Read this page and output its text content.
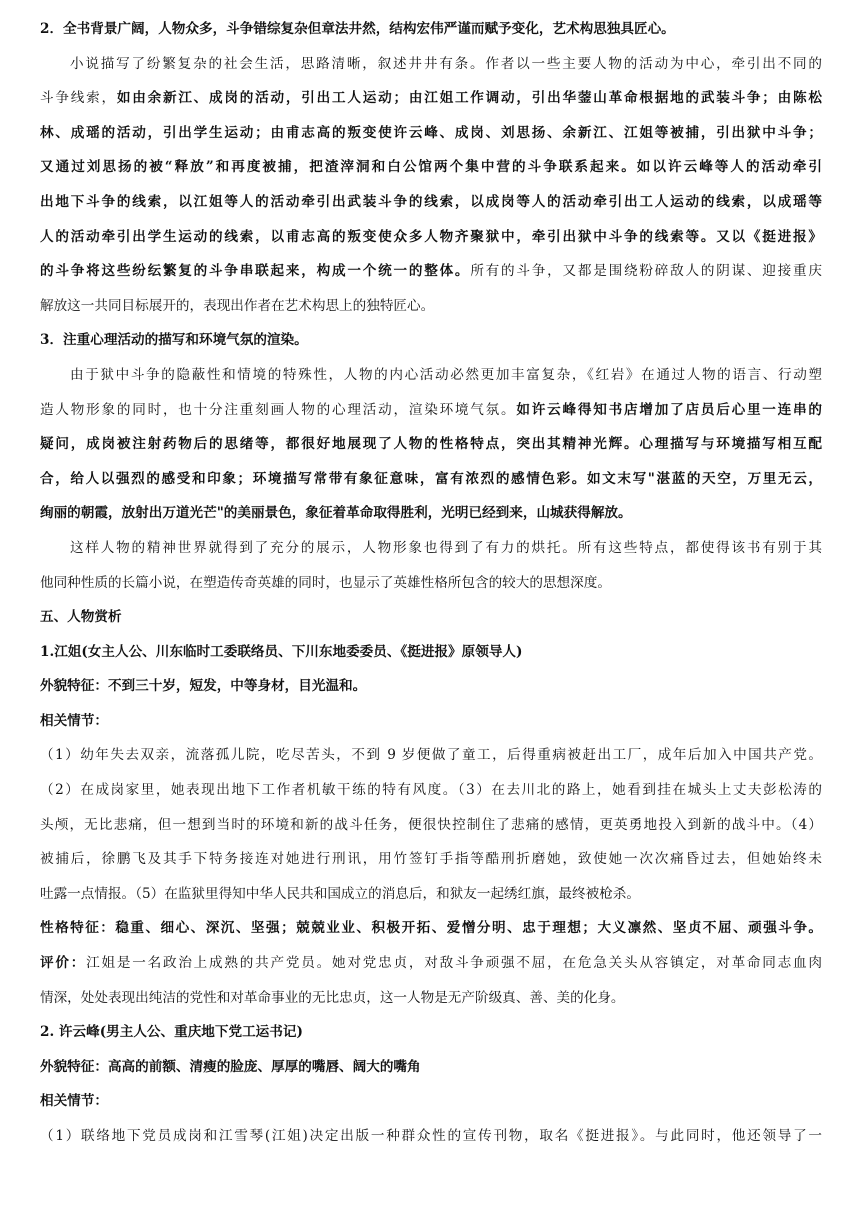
2．全书背景广阔，人物众多，斗争错综复杂但章法井然，结构宏伟严谨而赋予变化，艺术构思独具匠心。
小说描写了纷繁复杂的社会生活，思路清晰，叙述井井有条。作者以一些主要人物的活动为中心，牵引出不同的
斗争线索，如由余新江、成岗的活动，引出工人运动；由江姐工作调动，引出华蓥山革命根据地的武装斗争；由陈松
林、成瑶的活动，引出学生运动；由甫志高的叛变使许云峰、成岗、刘思扬、余新江、江姐等被捕，引出狱中斗争；
又通过刘思扬的被“释放”和再度被捕，把渣滓洞和白公馆两个集中营的斗争联系起来。如以许云峰等人的活动牵引
出地下斗争的线索，以江姐等人的活动牵引出武装斗争的线索，以成岗等人的活动牵引出工人运动的线索，以成瑶等
人的活动牵引出学生运动的线索，以甫志高的叛变使众多人物齐聚狱中，牵引出狱中斗争的线索等。又以《挺进报》
的斗争将这些纷纭繁复的斗争串联起来，构成一个统一的整体。所有的斗争，又都是围绕粉碎敌人的阴谋、迎接重庆
解放这一共同目标展开的，表现出作者在艺术构思上的独特匠心。
3．注重心理活动的描写和环境气氛的渲染。
由于狱中斗争的隐蔽性和情境的特殊性，人物的内心活动必然更加丰富复杂，《红岩》在通过人物的语言、行动塑
造人物形象的同时，也十分注重刻画人物的心理活动，渲染环境气氛。如许云峰得知书店增加了店员后心里一连串的
疑问，成岗被注射药物后的思绪等，都很好地展现了人物的性格特点，突出其精神光辉。心理描写与环境描写相互配
合，给人以强烈的感受和印象；环境描写常带有象征意味，富有浓烈的感情色彩。如文末写"湛蓝的天空，万里无云，
绚丽的朝霞，放射出万道光芒"的美丽景色，象征着革命取得胜利，光明已经到来，山城获得解放。
这样人物的精神世界就得到了充分的展示，人物形象也得到了有力的烘托。所有这些特点，都使得该书有别于其
他同种性质的长篇小说，在塑造传奇英雄的同时，也显示了英雄性格所包含的较大的思想深度。
五、人物赏析
1.江姐(女主人公、川东临时工委联络员、下川东地委委员、《挺进报》原领导人)
外貌特征：不到三十岁，短发，中等身材，目光温和。
相关情节：
（1）幼年失去双亲，流落孤儿院，吃尽苦头，不到 9 岁便做了童工，后得重病被赶出工厂，成年后加入中国共产党。
（2）在成岗家里，她表现出地下工作者机敏干练的特有风度。（3）在去川北的路上，她看到挂在城头上丈夫彭松涛的
头颅，无比悲痛，但一想到当时的环境和新的战斗任务，便很快控制住了悲痛的感情，更英勇地投入到新的战斗中。（4）
被捕后，徐鹏飞及其手下特务接连对她进行刑讯，用竹签钉手指等酷刑折磨她，致使她一次次痛昏过去，但她始终未
吐露一点情报。（5）在监狱里得知中华人民共和国成立的消息后，和狱友一起绣红旗，最终被枪杀。
性格特征：稳重、细心、深沉、坚强；兢兢业业、积极开拓、爱憎分明、忠于理想；大义凛然、坚贞不屈、顽强斗争。
评价：江姐是一名政治上成熟的共产党员。她对党忠贞，对敌斗争顽强不屈，在危急关头从容镇定，对革命同志血肉
情深，处处表现出纯洁的党性和对革命事业的无比忠贞，这一人物是无产阶级真、善、美的化身。
2. 许云峰(男主人公、重庆地下党工运书记)
外貌特征：高高的前额、清瘦的脸庞、厚厚的嘴唇、阔大的嘴角
相关情节：
（1）联络地下党员成岗和江雪琴(江姐)决定出版一种群众性的宣传刊物，取名《挺进报》。与此同时，他还领导了一
